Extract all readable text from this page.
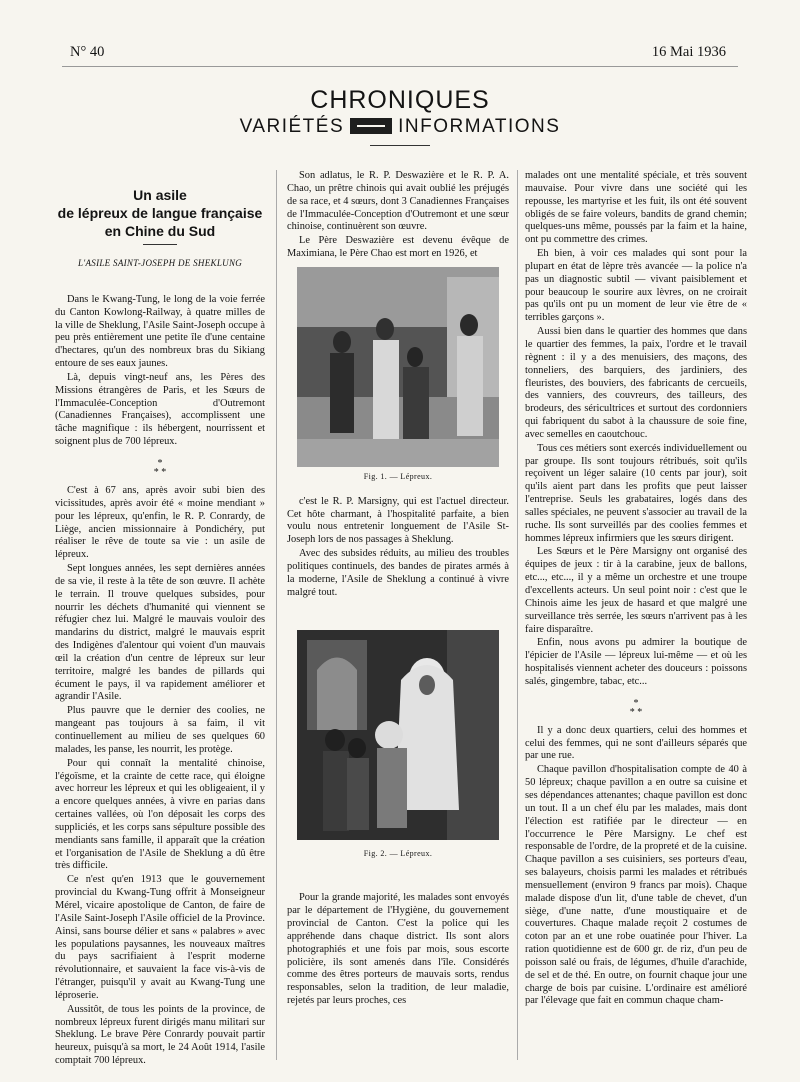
N° 40	16 Mai 1936
CHRONIQUES
VARIÉTÉS	INFORMATIONS
Un asile
de lépreux de langue française
en Chine du Sud

L'ASILE SAINT-JOSEPH DE SHEKLUNG

Dans le Kwang-Tung, le long de la voie ferrée du Canton Kowlong-Railway, à quatre milles de la ville de Sheklung, l'Asile Saint-Joseph occupe à peu près entièrement une petite île d'une centaine d'hectares, qu'un des nombreux bras du Sikiang entoure de ses eaux jaunes.

Là, depuis vingt-neuf ans, les Pères des Missions étrangères de Paris, et les Sœurs de l'Immaculée-Conception d'Outremont (Canadiennes Françaises), accomplissent une tâche magnifique : ils hébergent, nourrissent et soignent plus de 700 lépreux.

*
* *

C'est à 67 ans, après avoir subi bien des vicissitudes, après avoir été « moine mendiant » pour les lépreux, qu'enfin, le R. P. Conrardy, de Liège, ancien missionnaire à Pondichéry, put réaliser le rêve de toute sa vie : un asile de lépreux.

Sept longues années, les sept dernières années de sa vie, il reste à la tête de son œuvre. Il achète le terrain. Il trouve quelques subsides, pour nourrir les déchets d'humanité qui viennent se réfugier chez lui. Malgré le mauvais vouloir des mandarins du district, malgré le mauvais esprit des Indigènes d'alentour qui voient d'un mauvais œil la création d'un centre de lépreux sur leur territoire, malgré les bandes de pillards qui écument le pays, il va rapidement améliorer et agrandir l'Asile.

Plus pauvre que le dernier des coolies, ne mangeant pas toujours à sa faim, il vit continuellement au milieu de ses quelques 60 malades, les panse, les nourrit, les protège.

Pour qui connaît la mentalité chinoise, l'égoïsme, et la crainte de cette race, qui éloigne avec horreur les lépreux et qui les obligeaient, il y a encore quelques années, à vivre en parias dans certaines vallées, où l'on déposait les corps des suppliciés, et les corps sans sépulture possible des mendiants sans famille, il apparaît que la création et l'organisation de l'Asile de Sheklung a dû être très difficile.

Ce n'est qu'en 1913 que le gouvernement provincial du Kwang-Tung offrit à Monseigneur Mérel, vicaire apostolique de Canton, de faire de l'Asile Saint-Joseph l'Asile officiel de la Province. Ainsi, sans bourse délier et sans « palabres » avec les populations paysannes, les nouveaux maîtres du pays sacrifiaient à l'esprit moderne révolutionnaire, et sauvaient la face vis-à-vis de l'étranger, puisqu'il y avait au Kwang-Tung une léproserie.

Aussitôt, de tous les points de la province, de nombreux lépreux furent dirigés manu militari sur Sheklung. Le brave Père Conrardy pouvait partir heureux, puisqu'à sa mort, le 24 Août 1914, l'asile comptait 700 lépreux.

Son adlatus, le R. P. Deswazière et le R. P. A. Chao, un prêtre chinois qui avait oublié les préjugés de sa race, et 4 sœurs, dont 3 Canadiennes Françaises de l'Immaculée-Conception d'Outremont et une sœur chinoise, continuèrent son œuvre.

Le Père Deswazière est devenu évêque de Maximiana, le Père Chao est mort en 1926, et

Fig. 1. — Lépreux.

c'est le R. P. Marsigny, qui est l'actuel directeur. Cet hôte charmant, à l'hospitalité parfaite, a bien voulu nous entretenir longuement de l'Asile St-Joseph lors de nos passages à Sheklung.

Avec des subsides réduits, au milieu des troubles politiques continuels, des bandes de pirates armés à la moderne, l'Asile de Sheklung a continué à vivre malgré tout.

Fig. 2. — Lépreux.

Pour la grande majorité, les malades sont envoyés par le département de l'Hygiène, du gouvernement provincial de Canton. C'est la police qui les appréhende dans chaque district. Ils sont alors photographiés et une fois par mois, sous escorte policière, ils sont amenés dans l'île. Considérés comme des êtres porteurs de mauvais sorts, rendus responsables, selon la tradition, de leur maladie, rejetés par leurs proches, ces

malades ont une mentalité spéciale, et très souvent mauvaise. Pour vivre dans une société qui les repousse, les martyrise et les fuit, ils ont été souvent obligés de se faire voleurs, bandits de grand chemin; quelques-uns même, poussés par la faim et la haine, ont pu commettre des crimes.

Eh bien, à voir ces malades qui sont pour la plupart en état de lèpre très avancée — la police n'a pas un diagnostic subtil — vivant paisiblement et pour beaucoup le sourire aux lèvres, on ne croirait pas qu'ils ont pu un moment de leur vie être de « terribles garçons ».

Aussi bien dans le quartier des hommes que dans le quartier des femmes, la paix, l'ordre et le travail règnent : il y a des menuisiers, des maçons, des tonneliers, des barquiers, des jardiniers, des fleuristes, des bouviers, des fabricants de cercueils, des vanniers, des couvreurs, des tailleurs, des brodeurs, des séricultrices et surtout des cordonniers qui fabriquent du sabot à la chaussure de soie fine, avec semelles en caoutchouc.

Tous ces métiers sont exercés individuellement ou par groupe. Ils sont toujours rétribués, soit qu'ils reçoivent un léger salaire (10 cents par jour), soit qu'ils aient part dans les profits que peut laisser l'entreprise. Seuls les grabataires, logés dans des salles spéciales, ne peuvent s'associer au travail de la ruche. Ils sont surveillés par des coolies femmes et hommes lépreux infirmiers que les sœurs dirigent.

Les Sœurs et le Père Marsigny ont organisé des équipes de jeux : tir à la carabine, jeux de ballons, etc..., etc..., il y a même un orchestre et une troupe d'excellents acteurs. Un seul point noir : c'est que le Chinois aime les jeux de hasard et que malgré une surveillance très serrée, les sœurs n'arrivent pas à les faire disparaître.

Enfin, nous avons pu admirer la boutique de l'épicier de l'Asile — lépreux lui-même — et où les hospitalisés viennent acheter des douceurs : poissons salés, gingembre, tabac, etc...

*
* *

Il y a donc deux quartiers, celui des hommes et celui des femmes, qui ne sont d'ailleurs séparés que par une rue.

Chaque pavillon d'hospitalisation compte de 40 à 50 lépreux; chaque pavillon a en outre sa cuisine et ses dépendances attenantes; chaque pavillon est donc un tout. Il a un chef élu par les malades, mais dont l'élection est ratifiée par le directeur — en l'occurrence le Père Marsigny. Le chef est responsable de l'ordre, de la propreté et de la cuisine. Chaque pavillon a ses cuisiniers, ses porteurs d'eau, ses balayeurs, choisis parmi les malades et rétribués mensuellement (environ 9 francs par mois). Chaque malade dispose d'un lit, d'une table de chevet, d'un siège, d'une natte, d'une moustiquaire et de couvertures. Chaque malade reçoit 2 costumes de coton par an et une robe ouatinée pour l'hiver. La ration quotidienne est de 600 gr. de riz, d'un peu de poisson salé ou frais, de légumes, d'huile d'arachide, de sel et de thé. En outre, on fournit chaque jour une charge de bois par cuisine. L'ordinaire est amélioré par l'élevage que fait en commun chaque cham-
